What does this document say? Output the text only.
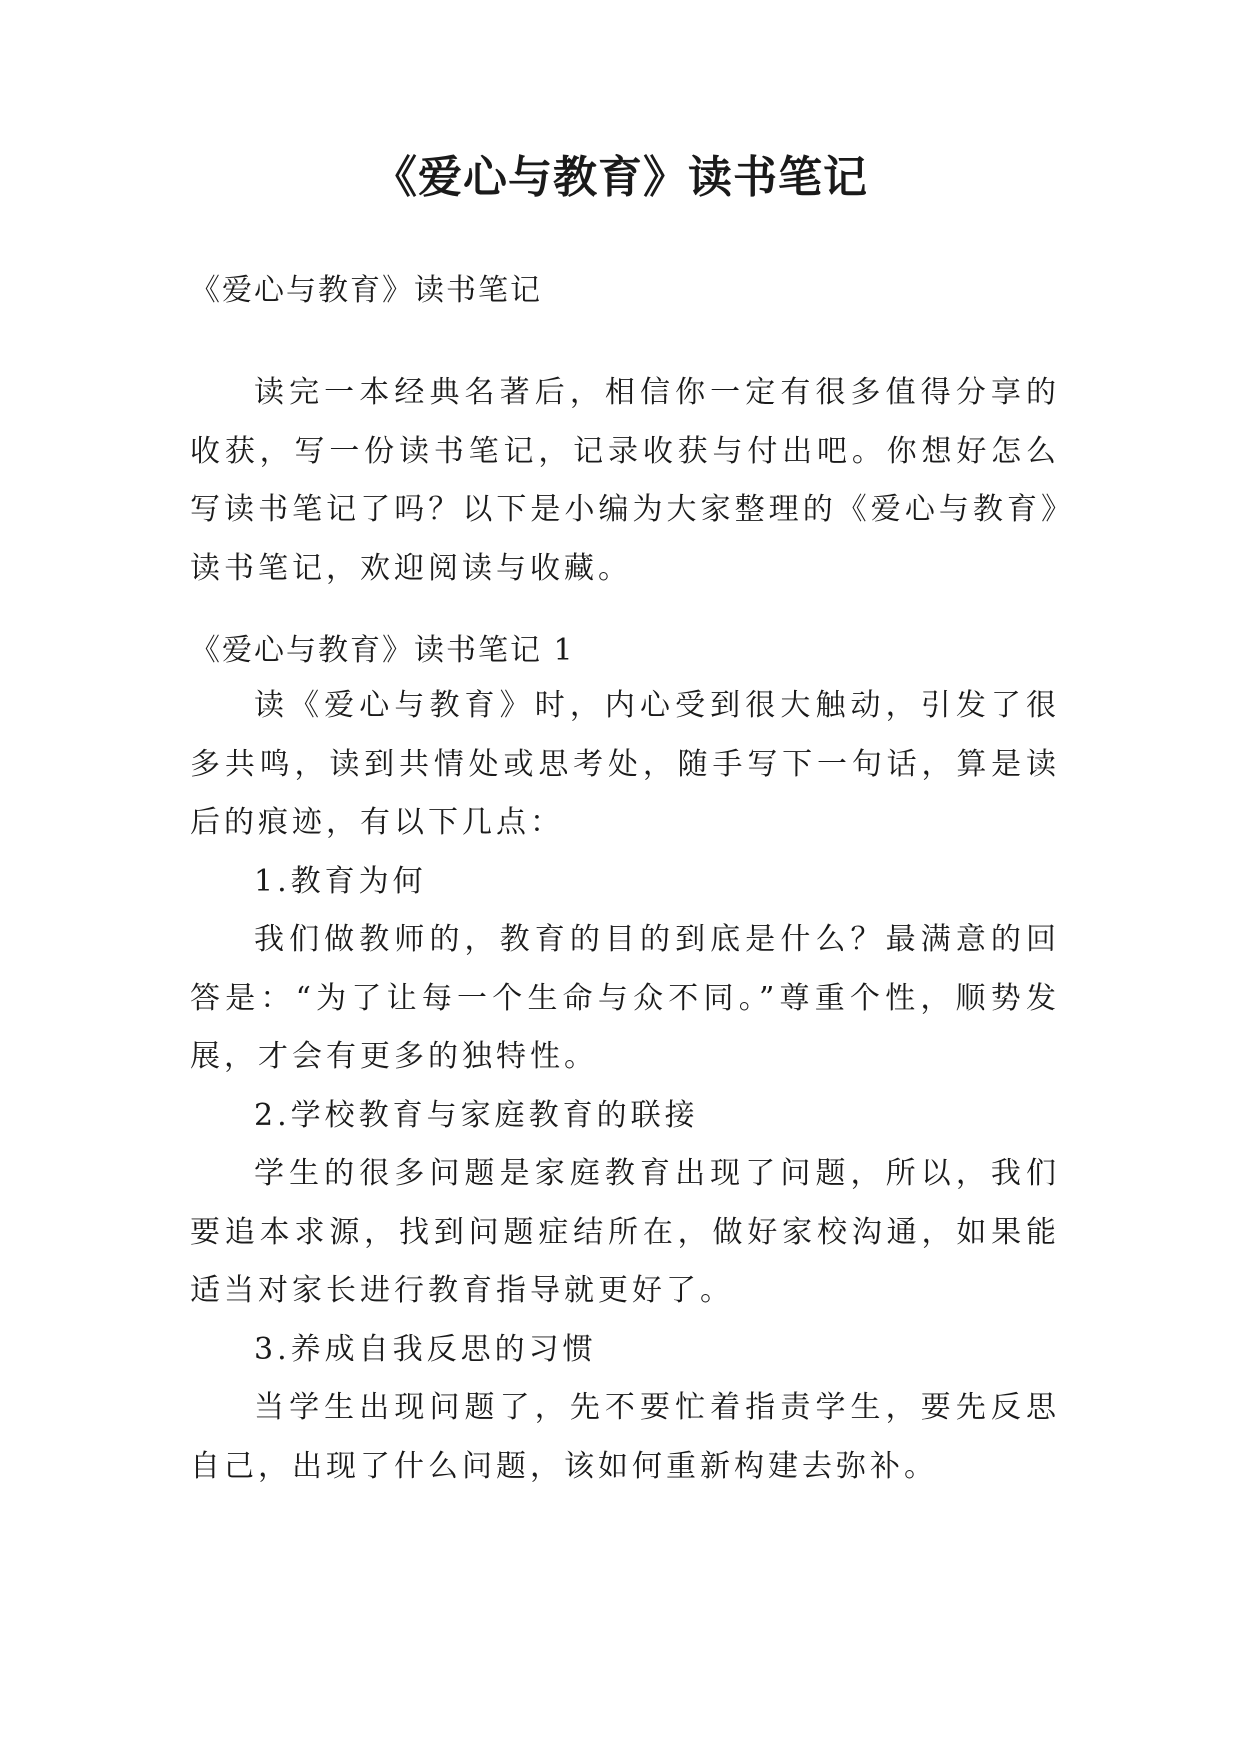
《爱心与教育》读书笔记
《爱心与教育》读书笔记

读完一本经典名著后，相信你一定有很多值得分享的收获，写一份读书笔记，记录收获与付出吧。你想好怎么写读书笔记了吗？以下是小编为大家整理的《爱心与教育》读书笔记，欢迎阅读与收藏。

《爱心与教育》读书笔记 1

读《爱心与教育》时，内心受到很大触动，引发了很多共鸣，读到共情处或思考处，随手写下一句话，算是读后的痕迹，有以下几点：

1.教育为何

我们做教师的，教育的目的到底是什么？最满意的回答是：“为了让每一个生命与众不同。”尊重个性，顺势发展，才会有更多的独特性。

2.学校教育与家庭教育的联接

学生的很多问题是家庭教育出现了问题，所以，我们要追本求源，找到问题症结所在，做好家校沟通，如果能适当对家长进行教育指导就更好了。

3.养成自我反思的习惯

当学生出现问题了，先不要忙着指责学生，要先反思自己，出现了什么问题，该如何重新构建去弥补。
